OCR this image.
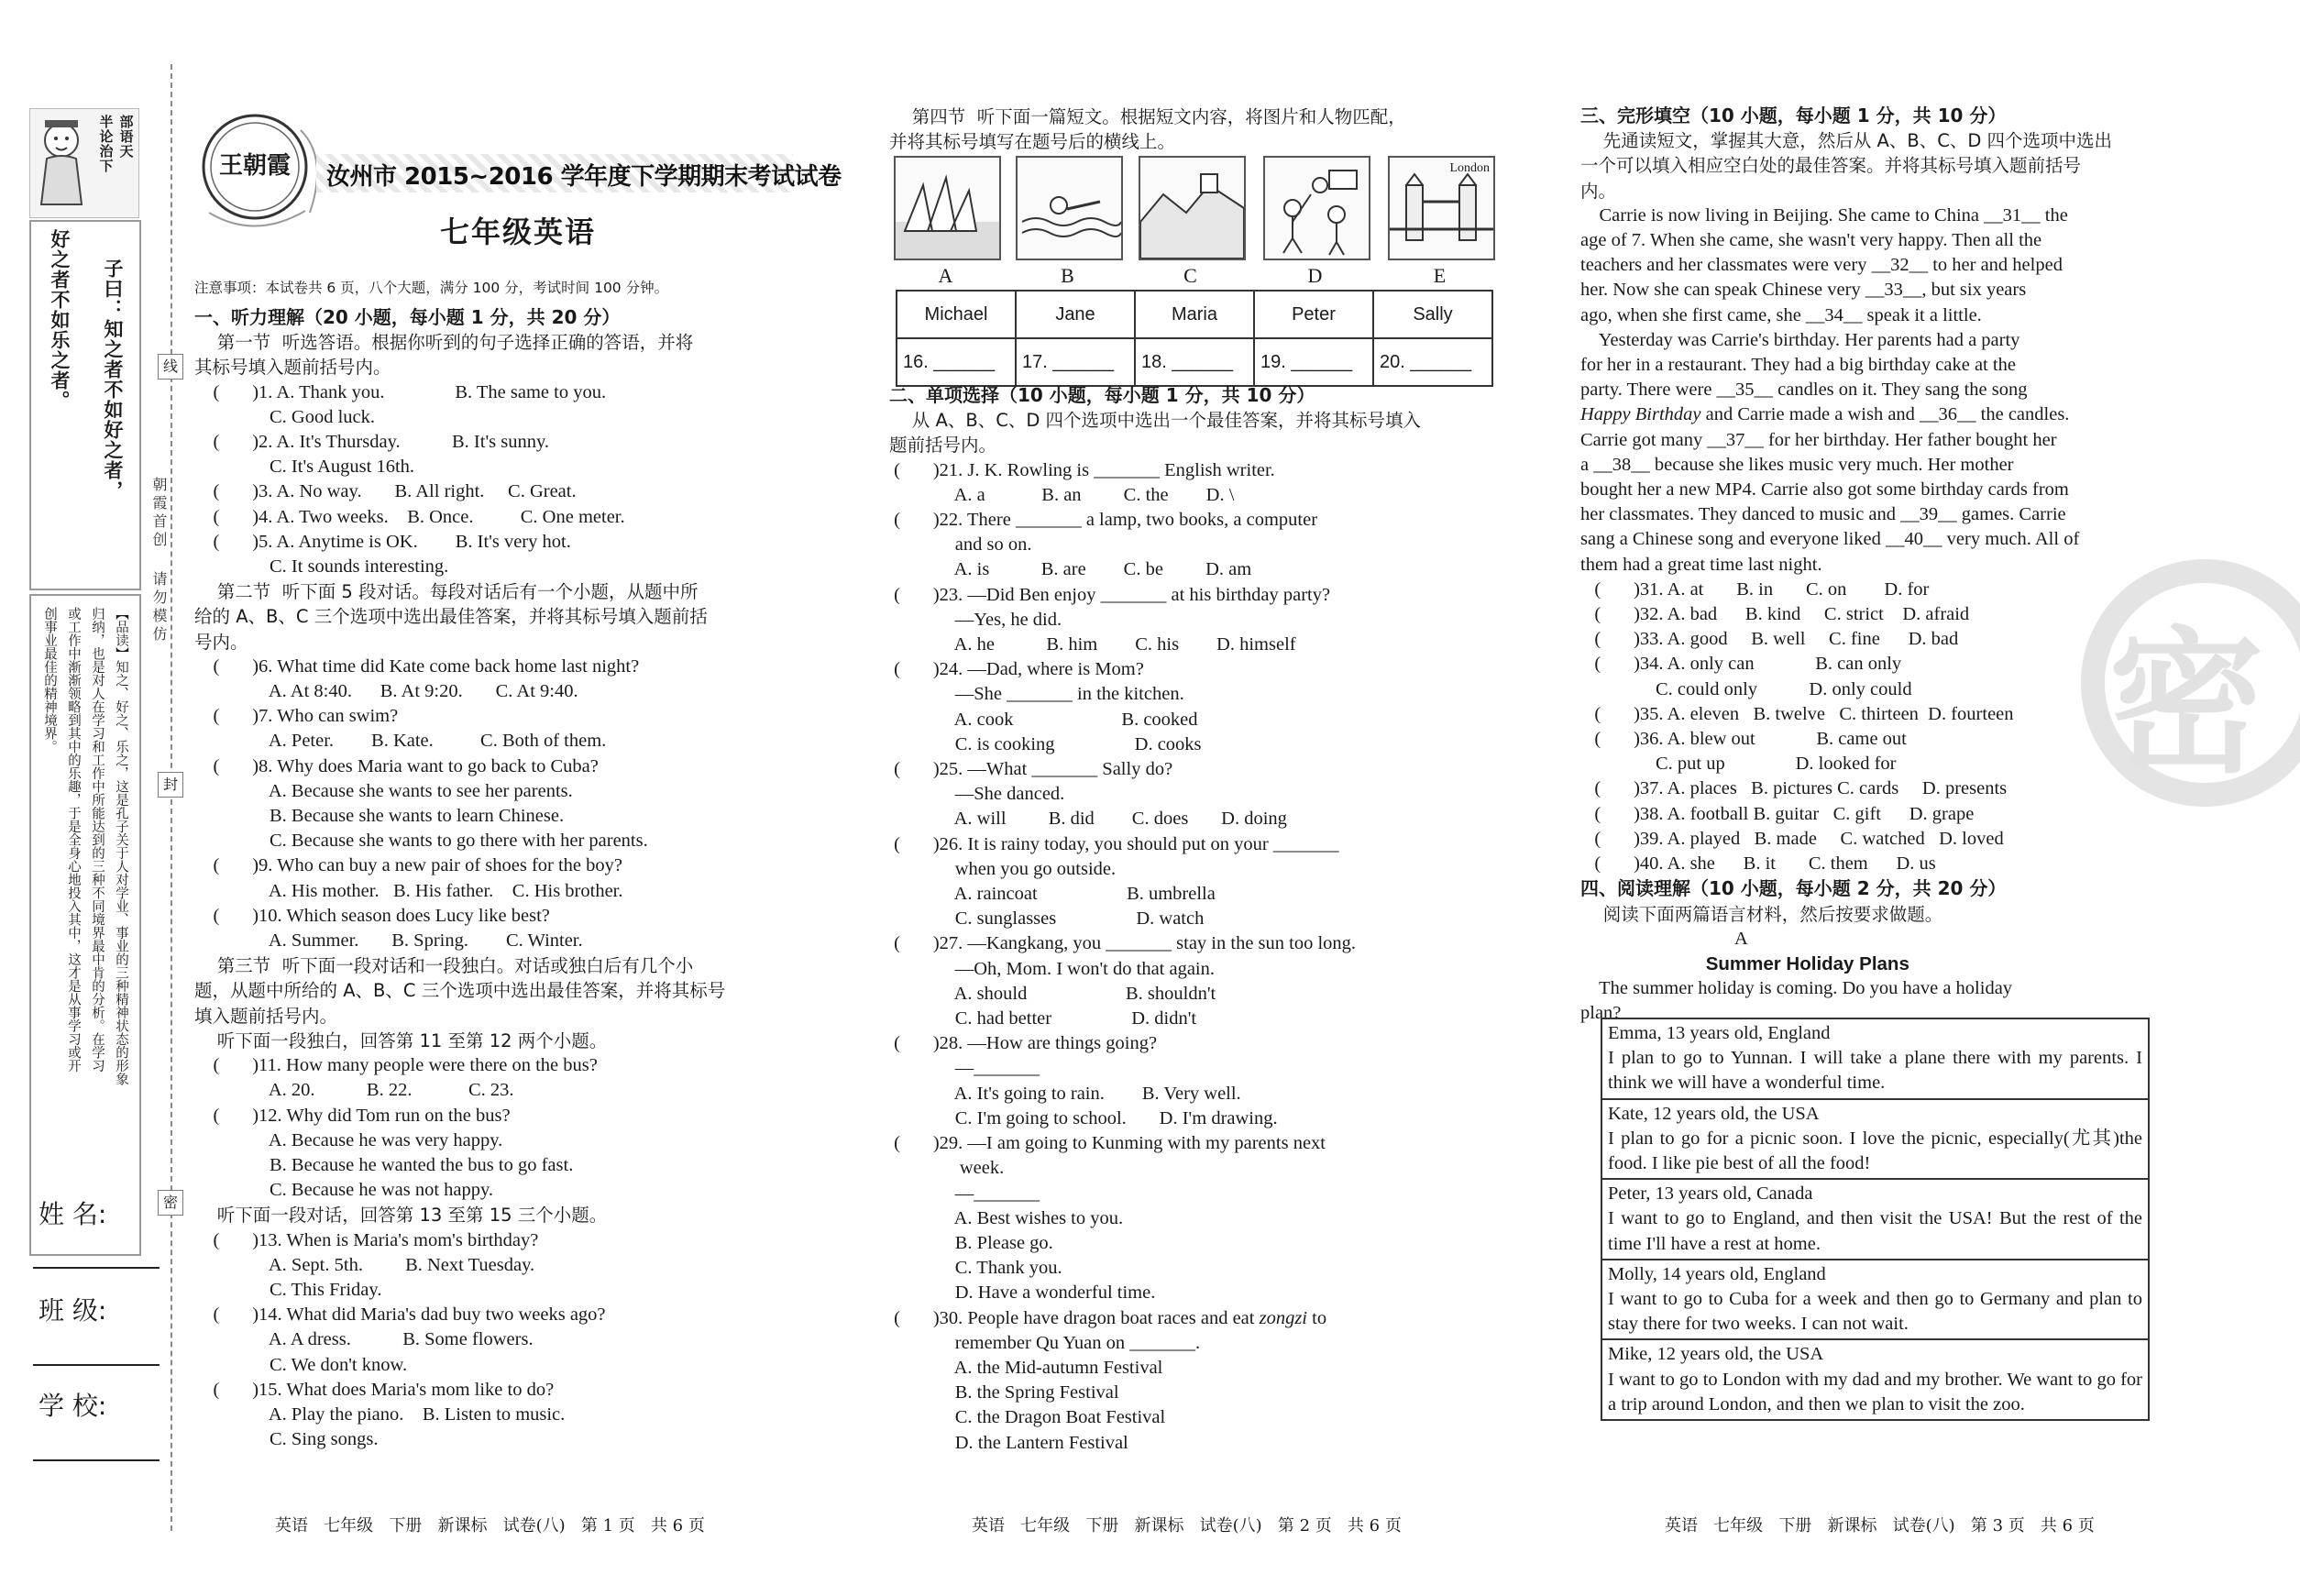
半 部
论 语
治 天
下
好之者不如乐之者。 子曰：知之者不如好之者，
【品读】知之、好之、乐之，这是孔子关于人对学业、事业的三种精神状态的形象
归纳，也是对人在学习和工作中所能达到的三种不同境界最中肯的分析。在学习
或工作中渐渐领略到其中的乐趣，于是全身心地投入其中，这才是从事学习或开
创事业最佳的精神境界。
朝霞首创 请勿模仿
线
封
密
姓 名:
班 级:
学 校:
王朝霞	汝州市 2015~2016 学年度下学期期末考试试卷
七年级英语
注意事项：本试卷共 6 页，八个大题，满分 100 分，考试时间 100 分钟。
一、听力理解（20 小题，每小题 1 分，共 20 分）
第一节  听选答语。根据你听到的句子选择正确的答语，并将
其标号填入题前括号内。
(       )1. A. Thank you.               B. The same to you.
C. Good luck.
(       )2. A. It's Thursday.           B. It's sunny.
C. It's August 16th.
(       )3. A. No way.       B. All right.     C. Great.
(       )4. A. Two weeks.    B. Once.          C. One meter.
(       )5. A. Anytime is OK.        B. It's very hot.
C. It sounds interesting.
第二节  听下面 5 段对话。每段对话后有一个小题，从题中所
给的 A、B、C 三个选项中选出最佳答案，并将其标号填入题前括
号内。
(       )6. What time did Kate come back home last night?
A. At 8:40.      B. At 9:20.       C. At 9:40.
(       )7. Who can swim?
A. Peter.        B. Kate.          C. Both of them.
(       )8. Why does Maria want to go back to Cuba?
A. Because she wants to see her parents.
B. Because she wants to learn Chinese.
C. Because she wants to go there with her parents.
(       )9. Who can buy a new pair of shoes for the boy?
A. His mother.   B. His father.    C. His brother.
(       )10. Which season does Lucy like best?
A. Summer.       B. Spring.        C. Winter.
第三节  听下面一段对话和一段独白。对话或独白后有几个小
题，从题中所给的 A、B、C 三个选项中选出最佳答案，并将其标号
填入题前括号内。
听下面一段独白，回答第 11 至第 12 两个小题。
(       )11. How many people were there on the bus?
A. 20.           B. 22.            C. 23.
(       )12. Why did Tom run on the bus?
A. Because he was very happy.
B. Because he wanted the bus to go fast.
C. Because he was not happy.
听下面一段对话，回答第 13 至第 15 三个小题。
(       )13. When is Maria's mom's birthday?
A. Sept. 5th.         B. Next Tuesday.
C. This Friday.
(       )14. What did Maria's dad buy two weeks ago?
A. A dress.           B. Some flowers.
C. We don't know.
(       )15. What does Maria's mom like to do?
A. Play the piano.    B. Listen to music.
C. Sing songs.
第四节  听下面一篇短文。根据短文内容，将图片和人物匹配，
并将其标号填写在题号后的横线上。
London
A	B	C	D	E
Michael	Jane	Maria	Peter	Sally
16. ______	17. ______	18. ______	19. ______	20. ______
二、单项选择（10 小题，每小题 1 分，共 10 分）
从 A、B、C、D 四个选项中选出一个最佳答案，并将其标号填入
题前括号内。
(       )21. J. K. Rowling is _______ English writer.
A. a            B. an         C. the        D. \
(       )22. There _______ a lamp, two books, a computer
and so on.
A. is           B. are        C. be         D. am
(       )23. —Did Ben enjoy _______ at his birthday party?
—Yes, he did.
A. he           B. him        C. his        D. himself
(       )24. —Dad, where is Mom?
—She _______ in the kitchen.
A. cook                       B. cooked
C. is cooking                 D. cooks
(       )25. —What _______ Sally do?
—She danced.
A. will         B. did        C. does       D. doing
(       )26. It is rainy today, you should put on your _______
when you go outside.
A. raincoat                   B. umbrella
C. sunglasses                 D. watch
(       )27. —Kangkang, you _______ stay in the sun too long.
—Oh, Mom. I won't do that again.
A. should                     B. shouldn't
C. had better                 D. didn't
(       )28. —How are things going?
—_______
A. It's going to rain.        B. Very well.
C. I'm going to school.       D. I'm drawing.
(       )29. —I am going to Kunming with my parents next
week.
—_______
A. Best wishes to you.
B. Please go.
C. Thank you.
D. Have a wonderful time.
(       )30. People have dragon boat races and eat zongzi to
remember Qu Yuan on _______.
A. the Mid-autumn Festival
B. the Spring Festival
C. the Dragon Boat Festival
D. the Lantern Festival
密
三、完形填空（10 小题，每小题 1 分，共 10 分）
先通读短文，掌握其大意，然后从 A、B、C、D 四个选项中选出
一个可以填入相应空白处的最佳答案。并将其标号填入题前括号
内。
Carrie is now living in Beijing. She came to China __31__ the
age of 7. When she came, she wasn't very happy. Then all the
teachers and her classmates were very __32__ to her and helped
her. Now she can speak Chinese very __33__, but six years
ago, when she first came, she __34__ speak it a little.
Yesterday was Carrie's birthday. Her parents had a party
for her in a restaurant. They had a big birthday cake at the
party. There were __35__ candles on it. They sang the song
Happy Birthday and Carrie made a wish and __36__ the candles.
Carrie got many __37__ for her birthday. Her father bought her
a __38__ because she likes music very much. Her mother
bought her a new MP4. Carrie also got some birthday cards from
her classmates. They danced to music and __39__ games. Carrie
sang a Chinese song and everyone liked __40__ very much. All of
them had a great time last night.
(       )31. A. at       B. in       C. on        D. for
(       )32. A. bad      B. kind     C. strict    D. afraid
(       )33. A. good     B. well     C. fine      D. bad
(       )34. A. only can             B. can only
C. could only           D. only could
(       )35. A. eleven   B. twelve   C. thirteen  D. fourteen
(       )36. A. blew out             B. came out
C. put up               D. looked for
(       )37. A. places   B. pictures C. cards     D. presents
(       )38. A. football B. guitar   C. gift      D. grape
(       )39. A. played   B. made     C. watched   D. loved
(       )40. A. she      B. it       C. them      D. us
四、阅读理解（10 小题，每小题 2 分，共 20 分）
阅读下面两篇语言材料，然后按要求做题。
A
Summer Holiday Plans
The summer holiday is coming. Do you have a holiday
plan?
Emma, 13 years old, England
I plan to go to Yunnan. I will take a plane there with my parents. I think we will have a wonderful time.
Kate, 12 years old, the USA
I plan to go for a picnic soon. I love the picnic, especially(尤其)the food. I like pie best of all the food!
Peter, 13 years old, Canada
I want to go to England, and then visit the USA! But the rest of the time I'll have a rest at home.
Molly, 14 years old, England
I want to go to Cuba for a week and then go to Germany and plan to stay there for two weeks. I can not wait.
Mike, 12 years old, the USA
I want to go to London with my dad and my brother. We want to go for a trip around London, and then we plan to visit the zoo.
英语   七年级   下册   新课标   试卷(八)   第 1 页   共 6 页	英语   七年级   下册   新课标   试卷(八)   第 2 页   共 6 页	英语   七年级   下册   新课标   试卷(八)   第 3 页   共 6 页
